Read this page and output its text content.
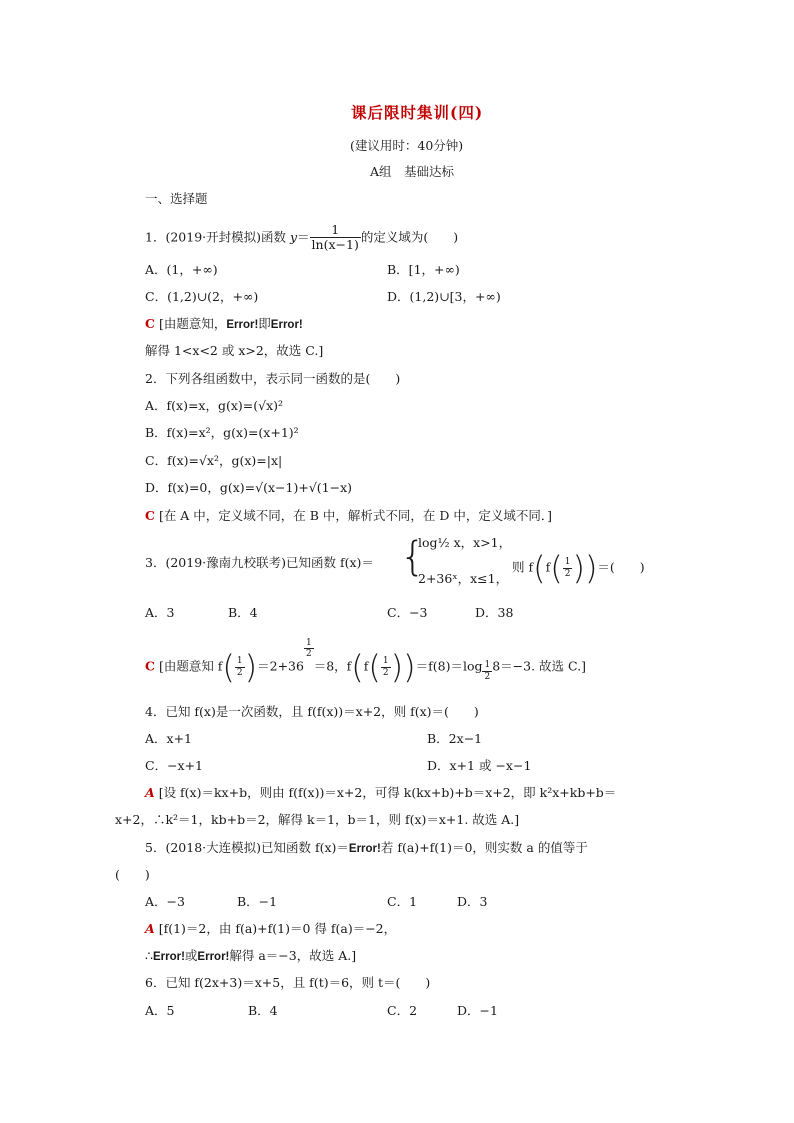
课后限时集训(四)
(建议用时：40分钟)
A组　基础达标
一、选择题
1．(2019·开封模拟)函数 $y= \frac{1}{\ln(x-1)}$ 的定义域为(　　)
A．(1，+∞)	B．[1，+∞)
C．(1,2)∪(2，+∞)	D．(1,2)∪[3，+∞)
C [由题意知，Error!即Error!
解得 1<x<2 或 x>2，故选 C.]
2．下列各组函数中，表示同一函数的是(　　)
A．f(x)=x，g(x)=(√x)²
B．f(x)=x²，g(x)=(x+1)²
C．f(x)=√x²，g(x)=|x|
D．f(x)=0，g(x)=√(x−1)+√(1−x)
C [在 A 中，定义域不同，在 B 中，解析式不同，在 D 中，定义域不同．]
3．(2019·豫南九校联考)已知函数 f(x)＝ {
log½ x，x>1，
2+36ˣ，x≤1，
则 $f(f( \frac{1}{2}$ ))＝(　　)
A．3	B．4	C．−3	D．38
C [由题意知 $f( \frac{1}{2} )=2+36$
$\frac{1}{2}$
＝8，$f(f( \frac{1}{2} ))=f(8)=\log \frac{1}{2} 8=-3$. 故选 C.]
4．已知 f(x)是一次函数，且 f(f(x))＝x+2，则 f(x)＝(　　)
A．x+1	B．2x−1
C．−x+1	D．x+1 或 −x−1
A [设 f(x)＝kx+b，则由 f(f(x))＝x+2，可得 k(kx+b)+b＝x+2，即 k²x+kb+b＝
x+2，∴k²＝1，kb+b＝2，解得 k＝1，b＝1，则 f(x)＝x+1. 故选 A.]
5．(2018·大连模拟)已知函数 f(x)＝Error!若 f(a)+f(1)＝0，则实数 a 的值等于
(　　)
A．−3	B．−1	C．1	D．3
A [f(1)＝2，由 f(a)+f(1)＝0 得 f(a)＝−2，
∴Error!或Error!解得 a＝−3，故选 A.]
6．已知 f(2x+3)＝x+5，且 f(t)＝6，则 t＝(　　)
A．5	B．4	C．2	D．−1
